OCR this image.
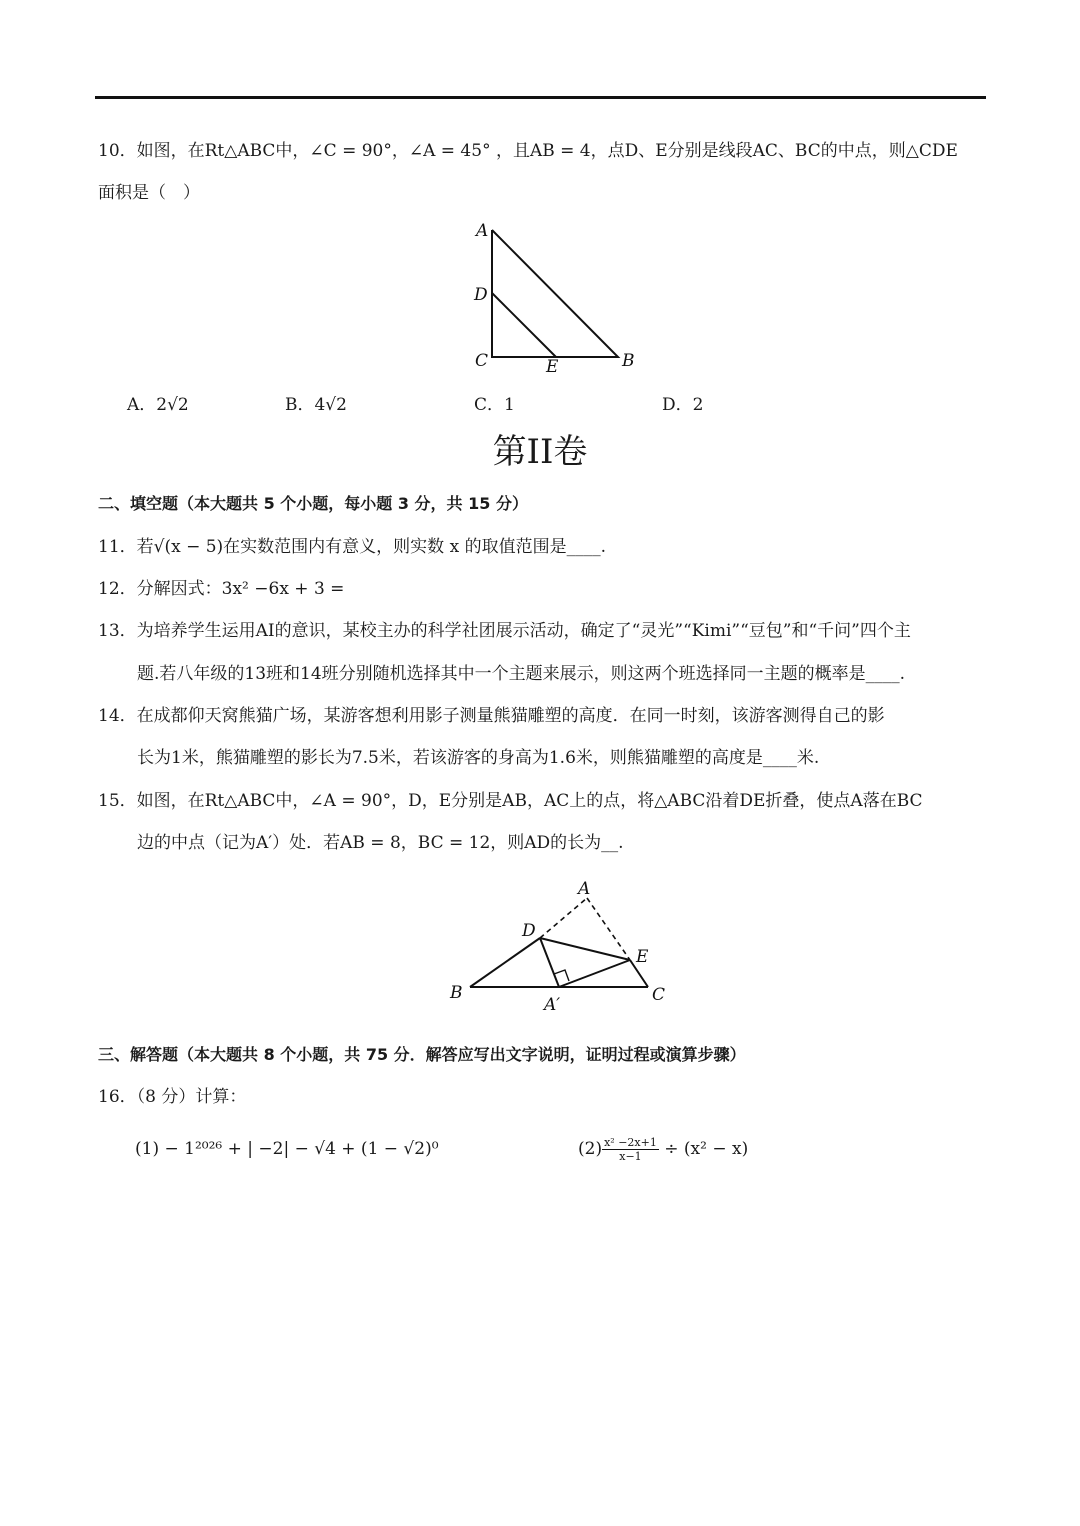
10．如图，在Rt△ABC中，∠C = 90°，∠A = 45° ，且AB = 4，点D、E分别是线段AC、BC的中点，则△CDE
面积是（　）
A
D
C	E	B
A．2√2	B．4√2	C．1	D．2
第II卷
二、填空题（本大题共 5 个小题，每小题 3 分，共 15 分）
11．若√(x − 5)在实数范围内有意义，则实数 x 的取值范围是____.
12．分解因式：3x² −6x + 3 =
13．为培养学生运用AI的意识，某校主办的科学社团展示活动，确定了“灵光”“Kimi”“豆包”和“千问”四个主
题.若八年级的13班和14班分别随机选择其中一个主题来展示，则这两个班选择同一主题的概率是____.
14．在成都仰天窝熊猫广场，某游客想利用影子测量熊猫雕塑的高度．在同一时刻，该游客测得自己的影
长为1米，熊猫雕塑的影长为7.5米，若该游客的身高为1.6米，则熊猫雕塑的高度是____米.
15．如图，在Rt△ABC中，∠A = 90°，D，E分别是AB，AC上的点，将△ABC沿着DE折叠，使点A落在BC
边的中点（记为A′）处．若AB = 8，BC = 12，则AD的长为__.
A
D
E
B
A′	C
三、解答题（本大题共 8 个小题，共 75 分．解答应写出文字说明，证明过程或演算步骤）
16．（8 分）计算：
(1) − 1²⁰²⁶ + | −2| − √4 + (1 − √2)⁰	$(2) \frac{\text{x² −2x+1}}{x-1} \div (x^2 - x)$
